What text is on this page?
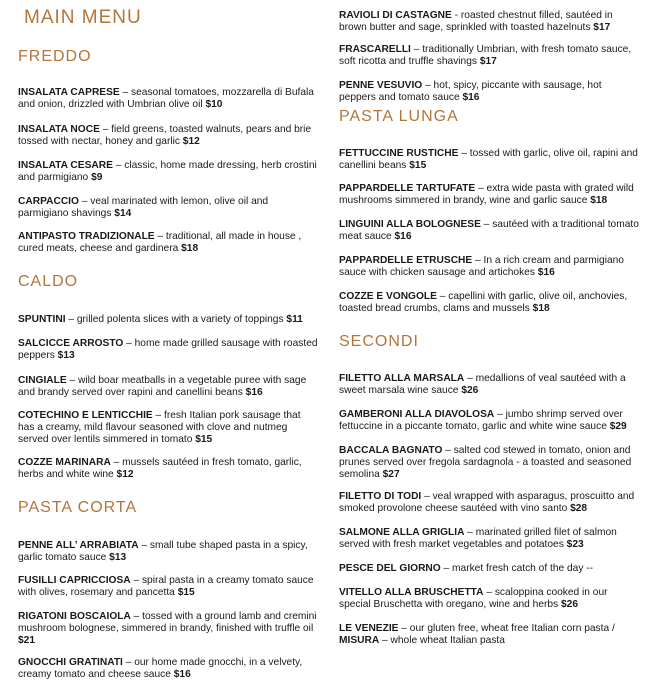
MAIN MENU
FREDDO

INSALATA CAPRESE – seasonal tomatoes, mozzarella di Bufala and onion, drizzled with Umbrian olive oil $10

INSALATA NOCE – field greens, toasted walnuts, pears and brie tossed with nectar, honey and garlic $12

INSALATA CESARE – classic, home made dressing, herb crostini and parmigiano $9

CARPACCIO – veal marinated with lemon, olive oil and parmigiano shavings $14

ANTIPASTO TRADIZIONALE – traditional, all made in house , cured meats, cheese and gardinera $18

CALDO

SPUNTINI – grilled polenta slices with a variety of toppings $11

SALCICCE ARROSTO – home made grilled sausage with roasted peppers $13

CINGIALE – wild boar meatballs in a vegetable puree with sage and brandy served over rapini and canellini beans $16

COTECHINO E LENTICCHIE – fresh Italian pork sausage that has a creamy, mild flavour seasoned with clove and nutmeg served over lentils simmered in tomato $15

COZZE MARINARA – mussels sautéed in fresh tomato, garlic, herbs and white wine $12

PASTA CORTA

PENNE ALL’ ARRABIATA – small tube shaped pasta in a spicy, garlic tomato sauce $13

FUSILLI CAPRICCIOSA – spiral pasta in a creamy tomato sauce with olives, rosemary and pancetta $15

RIGATONI BOSCAIOLA – tossed with a ground lamb and cremini mushroom bolognese, simmered in brandy, finished with truffle oil $21

GNOCCHI GRATINATI – our home made gnocchi, in a velvety, creamy tomato and cheese sauce $16

RAVIOLI DI CASTAGNE - roasted chestnut filled, sautéed in brown butter and sage, sprinkled with toasted hazelnuts $17

FRASCARELLI – traditionally Umbrian, with fresh tomato sauce, soft ricotta and truffle shavings $17

PENNE VESUVIO – hot, spicy, piccante with sausage, hot peppers and tomato sauce $16

PASTA LUNGA

FETTUCCINE RUSTICHE – tossed with garlic, olive oil, rapini and canellini beans $15

PAPPARDELLE TARTUFATE – extra wide pasta with grated wild mushrooms simmered in brandy, wine and garlic sauce $18

LINGUINI ALLA BOLOGNESE – sautéed with a traditional tomato meat sauce $16

PAPPARDELLE ETRUSCHE – In a rich cream and parmigiano sauce with chicken sausage and artichokes $16

COZZE E VONGOLE – capellini with garlic, olive oil, anchovies, toasted bread crumbs, clams and mussels $18

SECONDI

FILETTO ALLA MARSALA – medallions of veal sautéed with a sweet marsala wine sauce $26

GAMBERONI ALLA DIAVOLOSA – jumbo shrimp served over fettuccine in a piccante tomato, garlic and white wine sauce $29

BACCALA BAGNATO – salted cod stewed in tomato, onion and prunes served over fregola sardagnola - a toasted and seasoned semolina $27

FILETTO DI TODI – veal wrapped with asparagus, proscuitto and smoked provolone cheese sautéed with vino santo $28

SALMONE ALLA GRIGLIA – marinated grilled filet of salmon served with fresh market vegetables and potatoes $23

PESCE DEL GIORNO – market fresh catch of the day --

VITELLO ALLA BRUSCHETTA – scaloppina cooked in our special Bruschetta with oregano, wine and herbs $26

LE VENEZIE – our gluten free, wheat free Italian corn pasta / MISURA – whole wheat Italian pasta
